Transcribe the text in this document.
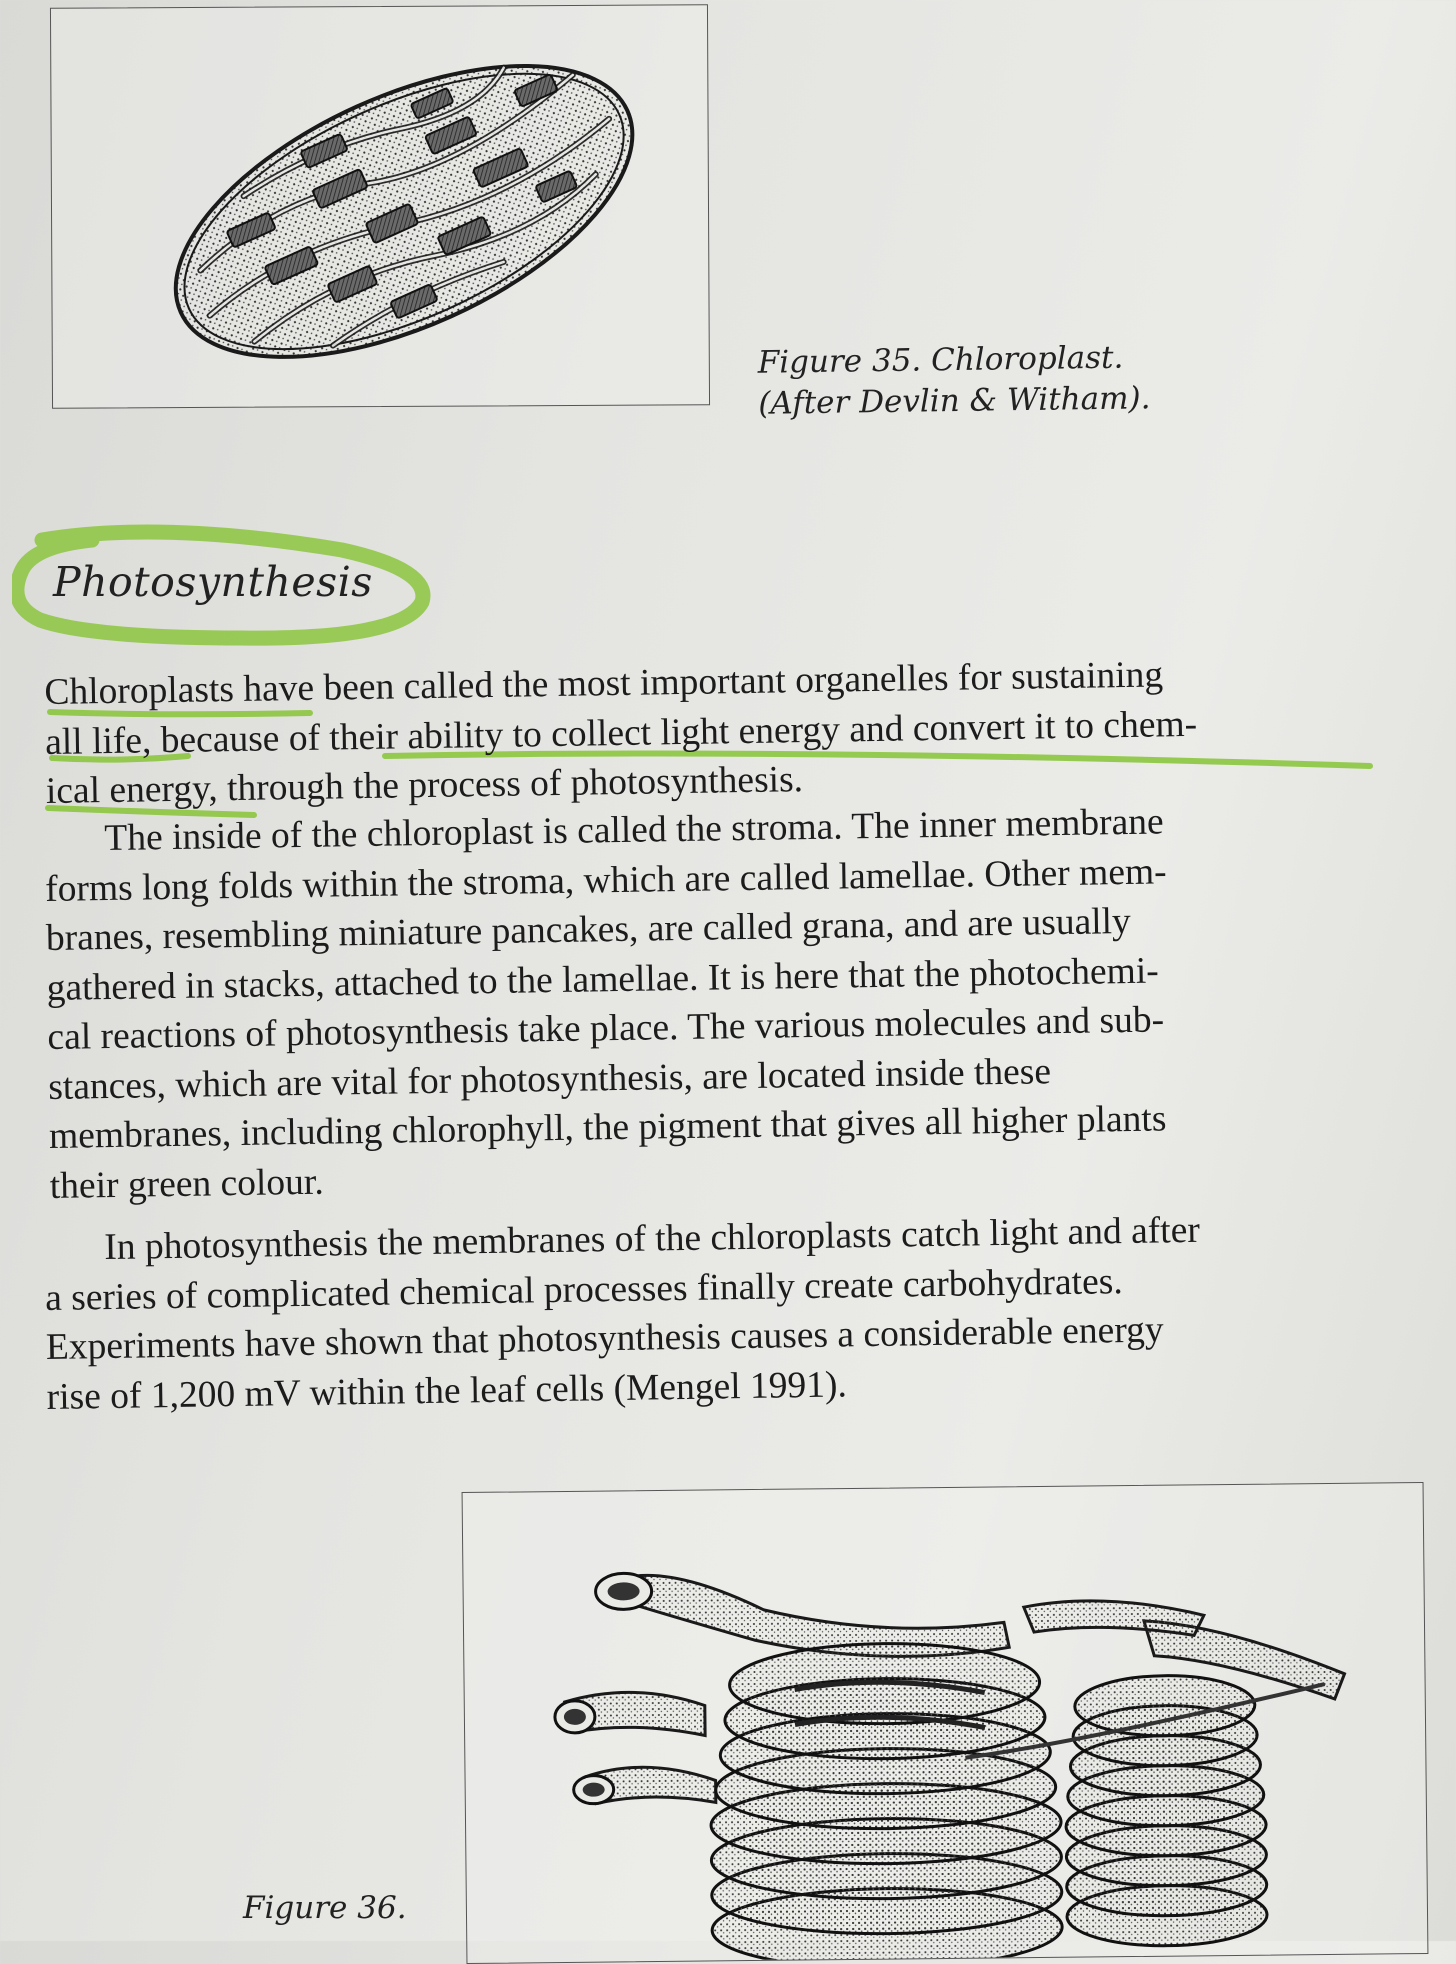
Figure 35. Chloroplast.
(After Devlin & Witham).
Photosynthesis
Chloroplasts have been called the most important organelles for sustaining
all life, because of their ability to collect light energy and convert it to chem-
ical energy, through the process of photosynthesis.
The inside of the chloroplast is called the stroma. The inner membrane
forms long folds within the stroma, which are called lamellae. Other mem-
branes, resembling miniature pancakes, are called grana, and are usually
gathered in stacks, attached to the lamellae. It is here that the photochemi-
cal reactions of photosynthesis take place. The various molecules and sub-
stances, which are vital for photosynthesis, are located inside these
membranes, including chlorophyll, the pigment that gives all higher plants
their green colour.
In photosynthesis the membranes of the chloroplasts catch light and after
a series of complicated chemical processes finally create carbohydrates.
Experiments have shown that photosynthesis causes a considerable energy
rise of 1,200 mV within the leaf cells (Mengel 1991).
Figure 36.
